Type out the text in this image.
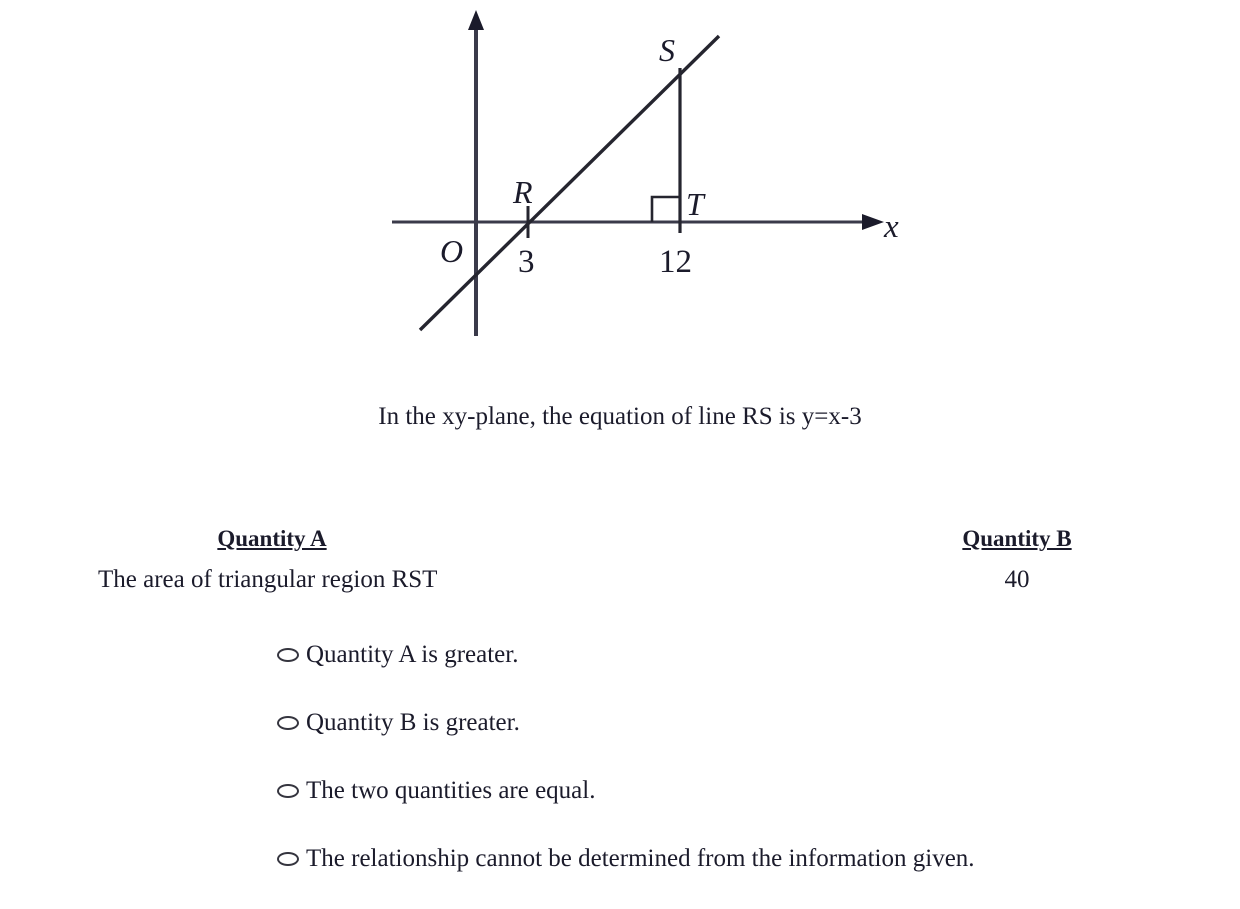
O
R
S
T
x
3	12
In the xy-plane, the equation of line RS is y=x-3
Quantity A
The area of triangular region RST
Quantity B
40
Quantity A is greater.
Quantity B is greater.
The two quantities are equal.
The relationship cannot be determined from the information given.
